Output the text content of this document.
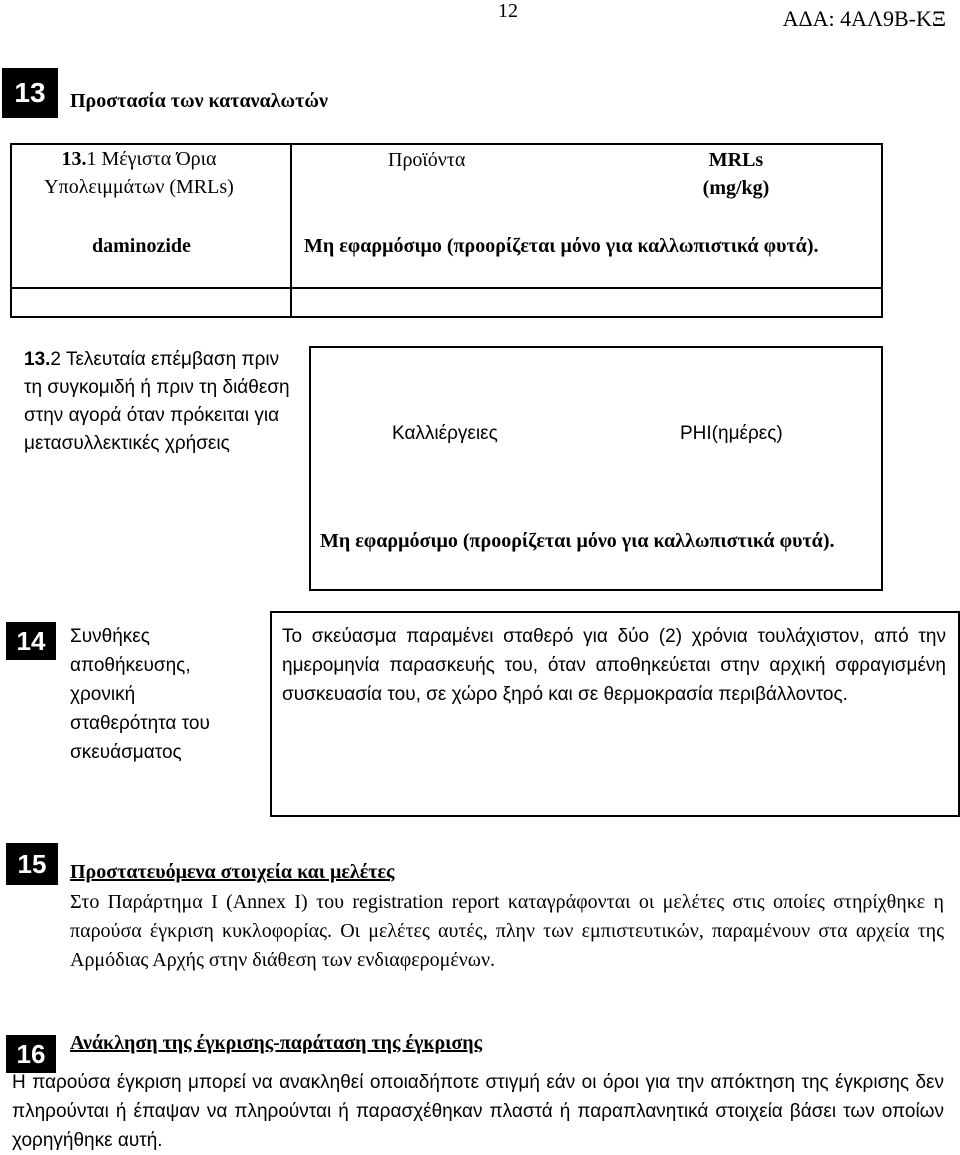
12	ΑΔΑ: 4ΑΛ9Β-ΚΞ
13	Προστασία των καταναλωτών
13.1 Μέγιστα Όρια Υπολειμμάτων (MRLs)
Προϊόντα	MRLs (mg/kg)
daminozide	Μη εφαρμόσιμο (προορίζεται μόνο για καλλωπιστικά φυτά).
13.2 Τελευταία επέμβαση πριν τη συγκομιδή ή πριν τη διάθεση στην αγορά όταν πρόκειται για μετασυλλεκτικές χρήσεις	Καλλιέργειες	PHI(ημέρες)
Μη εφαρμόσιμο (προορίζεται μόνο για καλλωπιστικά φυτά).
14	Συνθήκες αποθήκευσης, χρονική σταθερότητα του σκευάσματος
Το σκεύασμα παραμένει σταθερό για δύο (2) χρόνια τουλάχιστον, από την ημερομηνία παρασκευής του, όταν αποθηκεύεται στην αρχική σφραγισμένη συσκευασία του, σε χώρο ξηρό και σε θερμοκρασία περιβάλλοντος.
15	Προστατευόμενα στοιχεία και μελέτες
Στο Παράρτημα Ι (Annex I) του registration report καταγράφονται οι μελέτες στις οποίες στηρίχθηκε η παρούσα έγκριση κυκλοφορίας. Οι μελέτες αυτές, πλην των εμπιστευτικών, παραμένουν στα αρχεία της Αρμόδιας Αρχής στην διάθεση των ενδιαφερομένων.
16	Ανάκληση της έγκρισης-παράταση της έγκρισης
Η παρούσα έγκριση μπορεί να ανακληθεί οποιαδήποτε στιγμή εάν οι όροι για την απόκτηση της έγκρισης δεν πληρούνται ή έπαψαν να πληρούνται ή παρασχέθηκαν πλαστά ή παραπλανητικά στοιχεία βάσει των οποίων χορηγήθηκε αυτή.
